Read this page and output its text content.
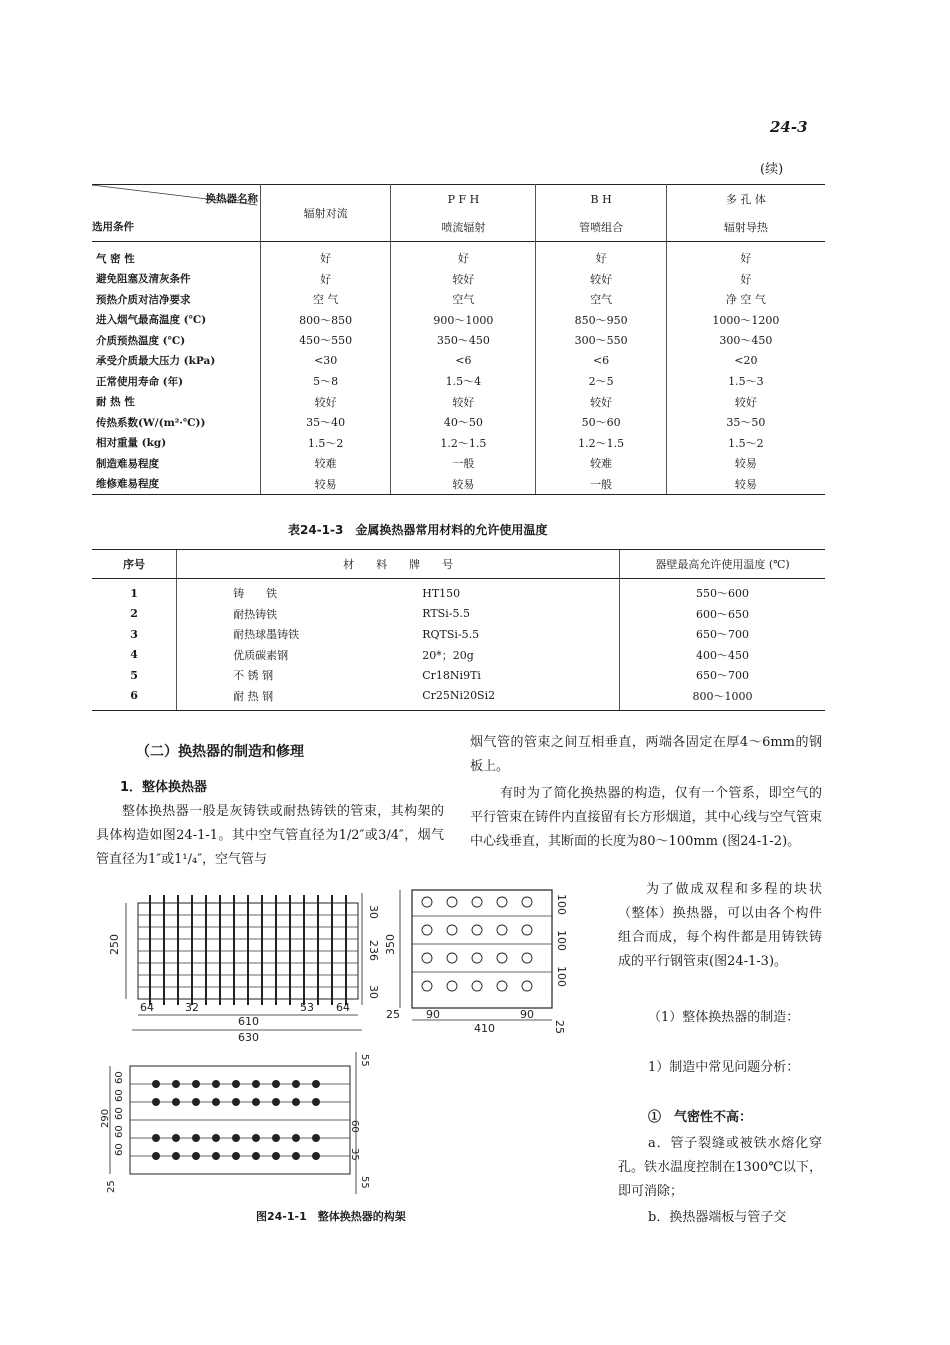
24-3
(续)
换热器名称
选用条件	辐射对流	P F H	B H	多 孔 体
		喷流辐射	管喷组合	辐射导热
气 密 性	好	好	好	好
避免阻塞及清灰条件	好	较好	较好	好
预热介质对洁净要求	空 气	空气	空气	净 空 气
进入烟气最高温度 (℃)	800～850	900～1000	850～950	1000～1200
介质预热温度 (℃)	450～550	350～450	300～550	300～450
承受介质最大压力 (kPa)	<30	<6	<6	<20
正常使用寿命 (年)	5～8	1.5～4	2～5	1.5～3
耐 热 性	较好	较好	较好	较好
传热系数(W/(m²·℃))	35～40	40～50	50～60	35～50
相对重量 (kg)	1.5～2	1.2～1.5	1.2～1.5	1.5～2
制造难易程度	较难	一般	较难	较易
维修难易程度	较易	较易	一般	较易
表24-1-3　金属换热器常用材料的允许使用温度
序号	材　　料　　牌　　号		器壁最高允许使用温度 (℃)
1	铸　　铁	HT150	550～600
2	耐热铸铁	RTSi-5.5	600～650
3	耐热球墨铸铁	RQTSi-5.5	650～700
4	优质碳素钢	20*；20g	400～450
5	不 锈 钢	Cr18Ni9Ti	650～700
6	耐 热 钢	Cr25Ni20Si2	800～1000
（二）换热器的制造和修理
1．整体换热器
整体换热器一般是灰铸铁或耐热铸铁的管束，其构架的具体构造如图24-1-1。其中空气管直径为1/2″或3/4″，烟气管直径为1″或1¹/₄″，空气管与
烟气管的管束之间互相垂直，两端各固定在厚4～6mm的钢板上。
有时为了简化换热器的构造，仅有一个管系，即空气的平行管束在铸件内直接留有长方形烟道，其中心线与空气管束中心线垂直，其断面的长度为80～100mm (图24-1-2)。
为了做成双程和多程的块状（整体）换热器，可以由各个构件组合而成，每个构件都是用铸铁铸成的平行钢管束(图24-1-3)。
（1）整体换热器的制造：
1）制造中常见问题分析：
①　气密性不高：
a．管子裂缝或被铁水熔化穿孔。铁水温度控制在1300℃以下，即可消除；
b．换热器端板与管子交
250
64	32
610
630
53 64
30
236
30
350
25 90
410
90
25
100
100
100
55
290
60
60
60
60
60
60
25	55
35
图24-1-1　整体换热器的构架
